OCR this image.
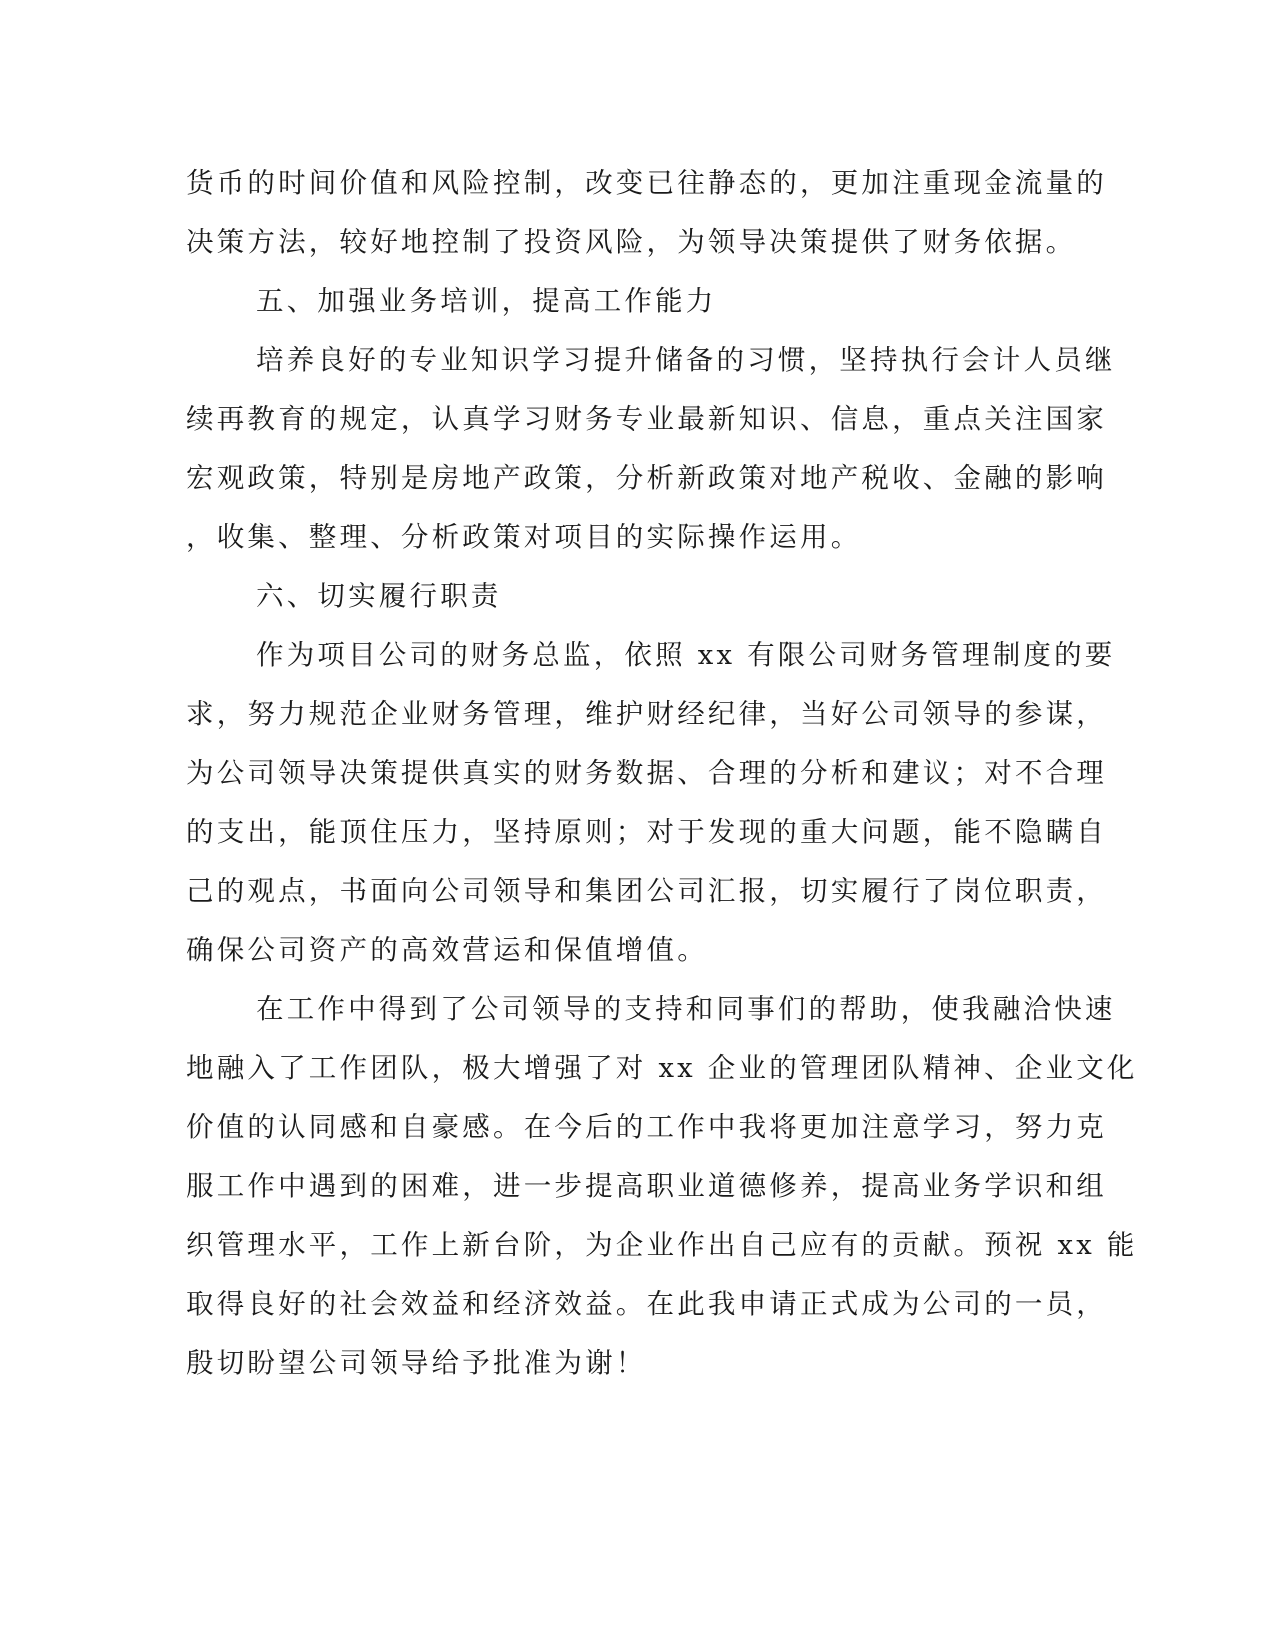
货币的时间价值和风险控制，改变已往静态的，更加注重现金流量的
决策方法，较好地控制了投资风险，为领导决策提供了财务依据。
五、加强业务培训，提高工作能力
培养良好的专业知识学习提升储备的习惯，坚持执行会计人员继
续再教育的规定，认真学习财务专业最新知识、信息，重点关注国家
宏观政策，特别是房地产政策，分析新政策对地产税收、金融的影响
，收集、整理、分析政策对项目的实际操作运用。
六、切实履行职责
作为项目公司的财务总监，依照 xx 有限公司财务管理制度的要
求，努力规范企业财务管理，维护财经纪律，当好公司领导的参谋，
为公司领导决策提供真实的财务数据、合理的分析和建议；对不合理
的支出，能顶住压力，坚持原则；对于发现的重大问题，能不隐瞒自
己的观点，书面向公司领导和集团公司汇报，切实履行了岗位职责，
确保公司资产的高效营运和保值增值。
在工作中得到了公司领导的支持和同事们的帮助，使我融洽快速
地融入了工作团队，极大增强了对 xx 企业的管理团队精神、企业文化
价值的认同感和自豪感。在今后的工作中我将更加注意学习，努力克
服工作中遇到的困难，进一步提高职业道德修养，提高业务学识和组
织管理水平，工作上新台阶，为企业作出自己应有的贡献。预祝 xx 能
取得良好的社会效益和经济效益。在此我申请正式成为公司的一员，
殷切盼望公司领导给予批准为谢！
